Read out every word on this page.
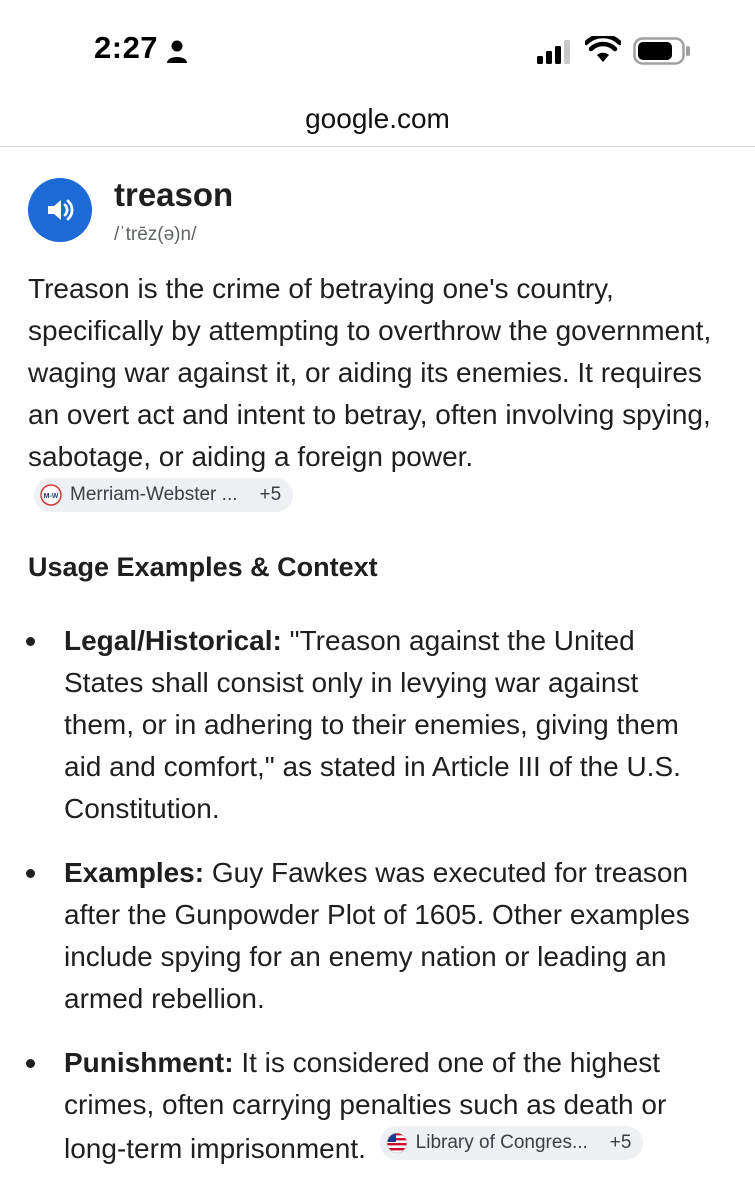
2:27
google.com
treason
/ˈtrēz(ə)n/
Treason is the crime of betraying one's country, specifically by attempting to overthrow the government, waging war against it, or aiding its enemies. It requires an overt act and intent to betray, often involving spying, sabotage, or aiding a foreign power.
M-W Merriam-Webster ... +5
Usage Examples & Context
Legal/Historical: "Treason against the United States shall consist only in levying war against them, or in adhering to their enemies, giving them aid and comfort," as stated in Article III of the U.S. Constitution.
Examples: Guy Fawkes was executed for treason after the Gunpowder Plot of 1605. Other examples include spying for an enemy nation or leading an armed rebellion.
Punishment: It is considered one of the highest crimes, often carrying penalties such as death or long-term imprisonment.	Library of Congres... +5
